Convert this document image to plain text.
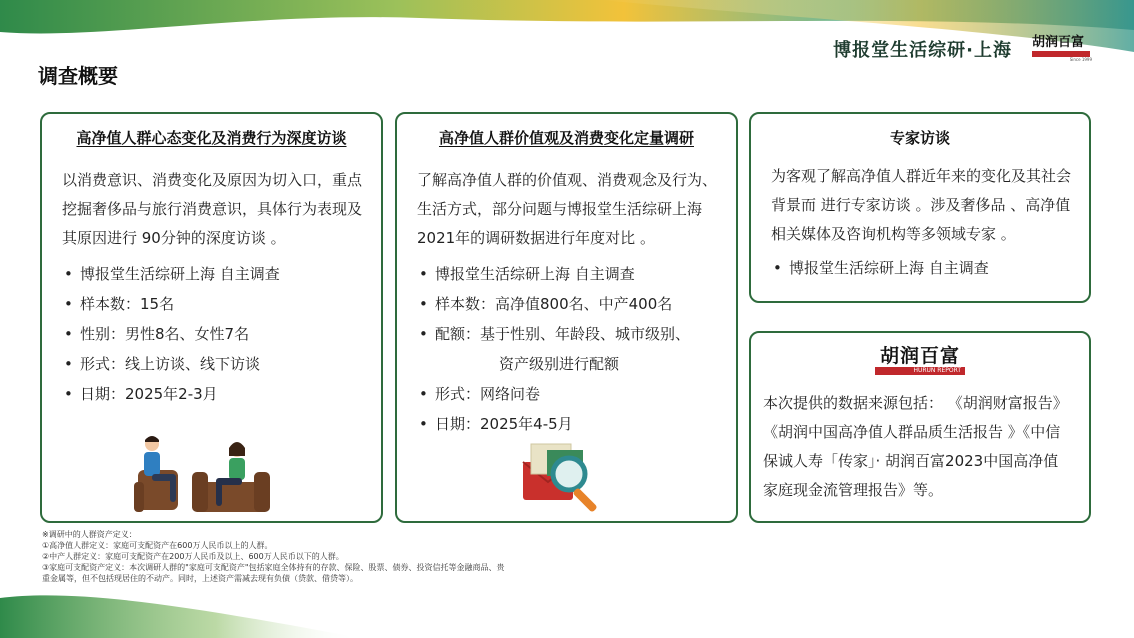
博报堂生活综研·上海 胡润百富
Since 1999
调查概要
高净值人群心态变化及消费行为深度访谈
以消费意识、消费变化及原因为切入口，重点挖掘奢侈品与旅行消费意识，具体行为表现及其原因进行 90分钟的深度访谈 。
• 博报堂生活综研上海 自主调查
• 样本数：15名
• 性别：男性8名、女性7名
• 形式：线上访谈、线下访谈
• 日期：2025年2-3月
高净值人群价值观及消费变化定量调研
了解高净值人群的价值观、消费观念及行为、生活方式，部分问题与博报堂生活综研上海2021年的调研数据进行年度对比 。
• 博报堂生活综研上海 自主调查
• 样本数：高净值800名、中产400名
• 配额：基于性别、年龄段、城市级别、
资产级别进行配额
• 形式：网络问卷
• 日期：2025年4-5月
专家访谈
为客观了解高净值人群近年来的变化及其社会背景而 进行专家访谈 。涉及奢侈品 、高净值相关媒体及咨询机构等多领域专家 。
• 博报堂生活综研上海 自主调查
胡润百富
HURUN REPORT
本次提供的数据来源包括： 《胡润财富报告》《胡润中国高净值人群品质生活报告 》《中信保诚人寿「传家」· 胡润百富2023中国高净值家庭现金流管理报告》等。
※调研中的人群资产定义：
①高净值人群定义：家庭可支配资产在600万人民币以上的人群。
②中产人群定义：家庭可支配资产在200万人民币及以上、600万人民币以下的人群。
③家庭可支配资产定义：本次调研人群的"家庭可支配资产"包括家庭全体持有的存款、保险、股票、债券、投资信托等金融商品、贵
重金属等，但不包括现居住的不动产。同时，上述资产需减去现有负债（贷款、借贷等）。
